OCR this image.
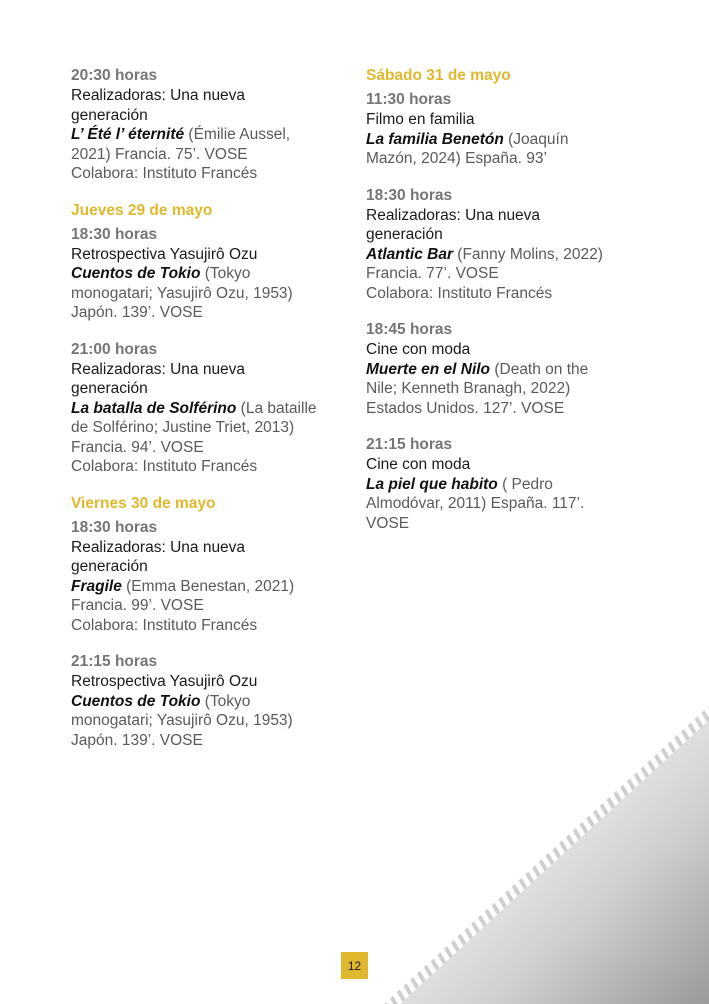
20:30 horas
Realizadoras: Una nueva
generación
L’ Été l’ éternité (Émilie Aussel,
2021) Francia. 75’. VOSE
Colabora: Instituto Francés
Jueves 29 de mayo
18:30 horas
Retrospectiva Yasujirô Ozu
Cuentos de Tokio (Tokyo
monogatari; Yasujirô Ozu, 1953)
Japón. 139’. VOSE
21:00 horas
Realizadoras: Una nueva
generación
La batalla de Solférino (La bataille
de Solférino; Justine Triet, 2013)
Francia. 94’. VOSE
Colabora: Instituto Francés
Viernes 30 de mayo
18:30 horas
Realizadoras: Una nueva
generación
Fragile (Emma Benestan, 2021)
Francia. 99’. VOSE
Colabora: Instituto Francés
21:15 horas
Retrospectiva Yasujirô Ozu
Cuentos de Tokio (Tokyo
monogatari; Yasujirô Ozu, 1953)
Japón. 139’. VOSE
Sábado 31 de mayo
11:30 horas
Filmo en familia
La familia Benetón (Joaquín
Mazón, 2024) España. 93’
18:30 horas
Realizadoras: Una nueva
generación
Atlantic Bar (Fanny Molins, 2022)
Francia. 77’. VOSE
Colabora: Instituto Francés
18:45 horas
Cine con moda
Muerte en el Nilo (Death on the
Nile; Kenneth Branagh, 2022)
Estados Unidos. 127’. VOSE
21:15 horas
Cine con moda
La piel que habito ( Pedro
Almodóvar, 2011) España. 117’.
VOSE
12
